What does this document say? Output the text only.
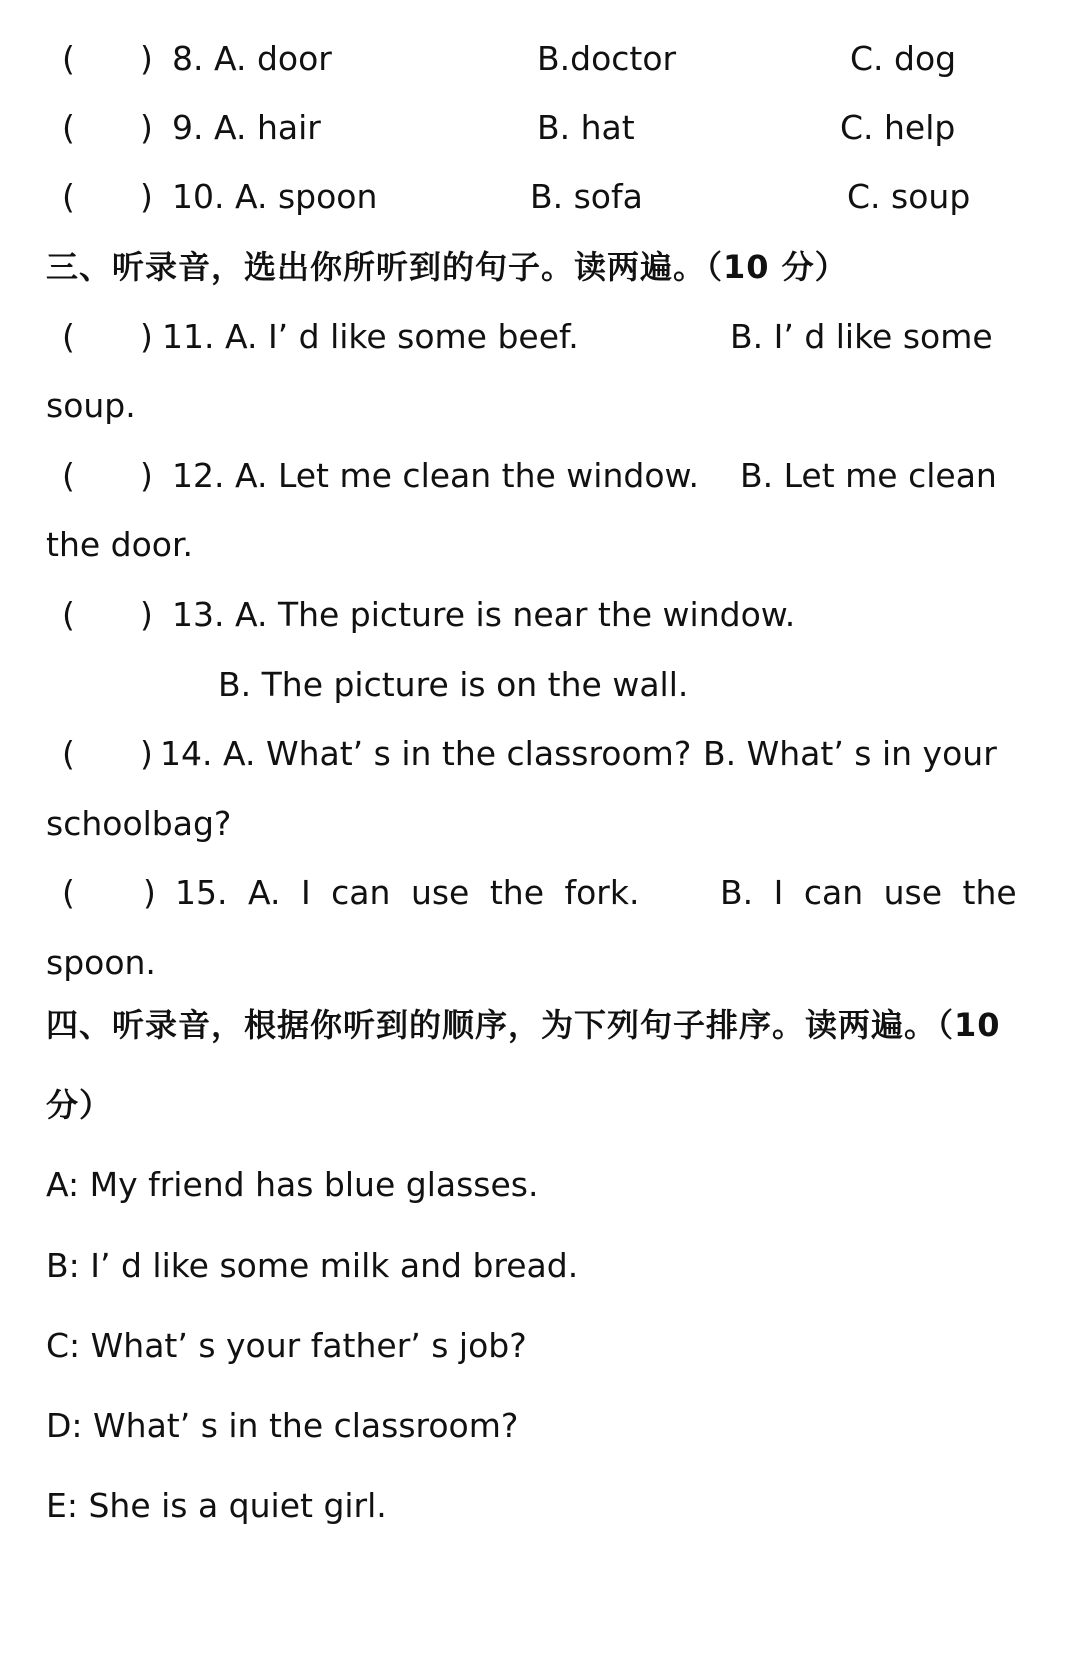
( ) 8. A. door	B.doctor	C. dog
( ) 9. A. hair	B. hat	C. help
( ) 10. A. spoon	B. sofa	C. soup
三、听录音，选出你所听到的句子。读两遍。（10 分）
( ) 11. A. I’ d like some beef.	B. I’ d like some
soup.
( ) 12. A. Let me clean the window. B. Let me clean
the door.
( ) 13. A. The picture is near the window.
B. The picture is on the wall.
( ) 14. A. What’ s in the classroom? B. What’ s in your
schoolbag?
( ) 15. A. I can use the fork. B. I can use the
spoon.
四、听录音，根据你听到的顺序，为下列句子排序。读两遍。（10
分）
A: My friend has blue glasses.
B: I’ d like some milk and bread.
C: What’ s your father’ s job?
D: What’ s in the classroom?
E: She is a quiet girl.
